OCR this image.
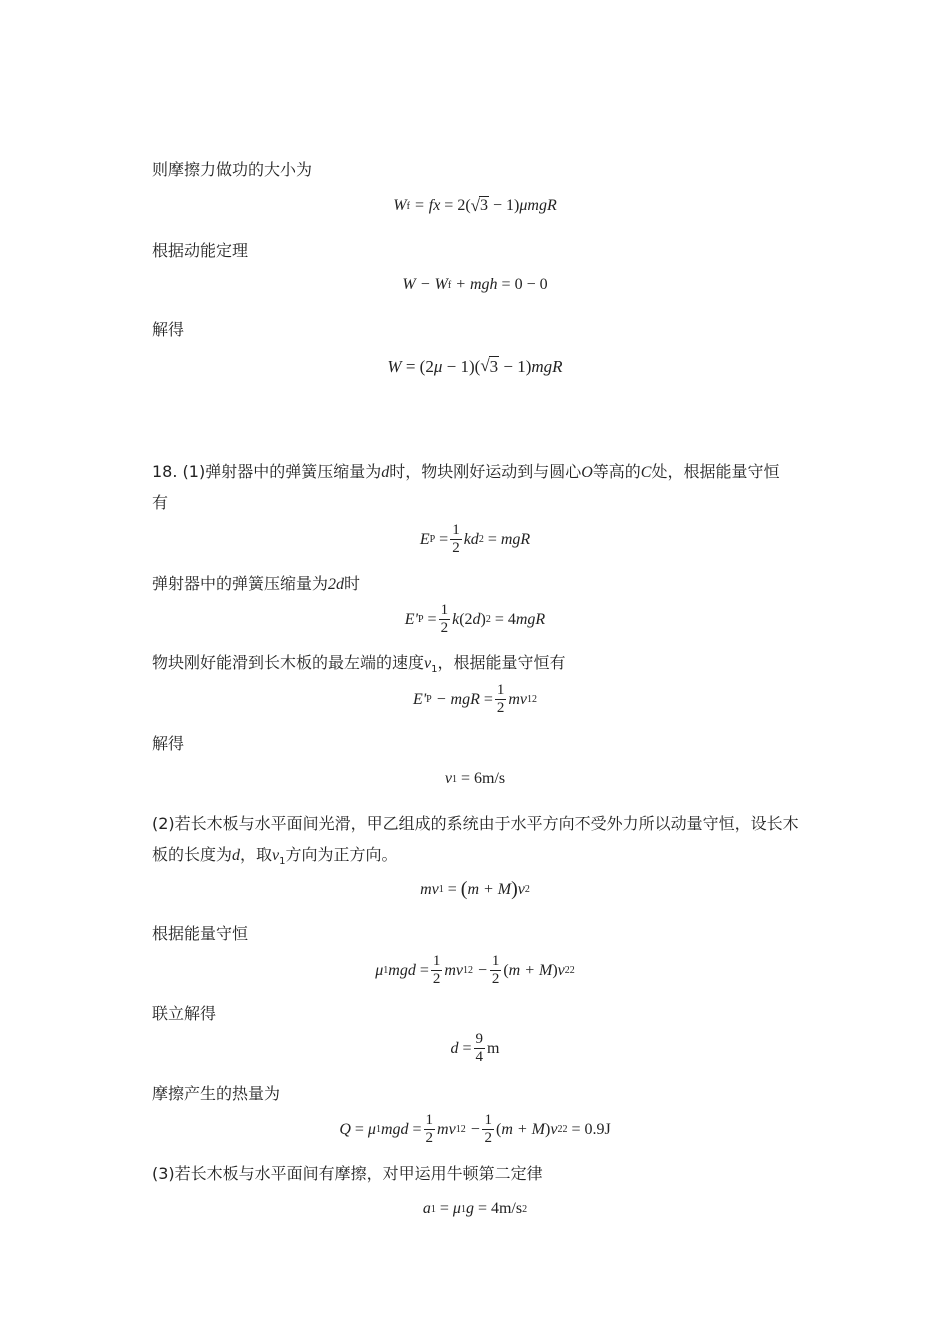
则摩擦力做功的大小为
W f = fx = 2( √ 3 − 1) μmgR
根据动能定理
W − W f + mgh = 0 − 0
解得
W = (2 μ − 1)( √ 3 − 1) mgR
18. (1)弹射器中的弹簧压缩量为d时，物块刚好运动到与圆心O等高的C处，根据能量守恒
有
E P
= $\frac{1}{2}$ kd 2
= mgR
弹射器中的弹簧压缩量为2d时
E' P
= $\frac{1}{2}$ k (2 d ) 2
= 4 mgR
物块刚好能滑到长木板的最左端的速度$v_1$，根据能量守恒有
E' P − mgR = $\frac{1}{2}$ mv 1 2
解得
v 1
= 6m/s
(2)若长木板与水平面间光滑，甲乙组成的系统由于水平方向不受外力所以动量守恒，设长木
板的长度为d，取$v_1$方向为正方向。
mv 1
=
( m + M ) v 2
根据能量守恒
μ 1 mgd = $\frac{1}{2}$ mv 1 $2 - \frac{1}{2}$ ( m + M ) v 2 2
联立解得
$d = \frac{9}{4}$ m
摩擦产生的热量为
Q = μ 1 mgd = $\frac{1}{2}$ mv 1 $2 - \frac{1}{2}$ ( m + M ) v 2 2
= 0.9J
(3)若长木板与水平面间有摩擦，对甲运用牛顿第二定律
a 1
= μ 1 g = 4m/s 2
